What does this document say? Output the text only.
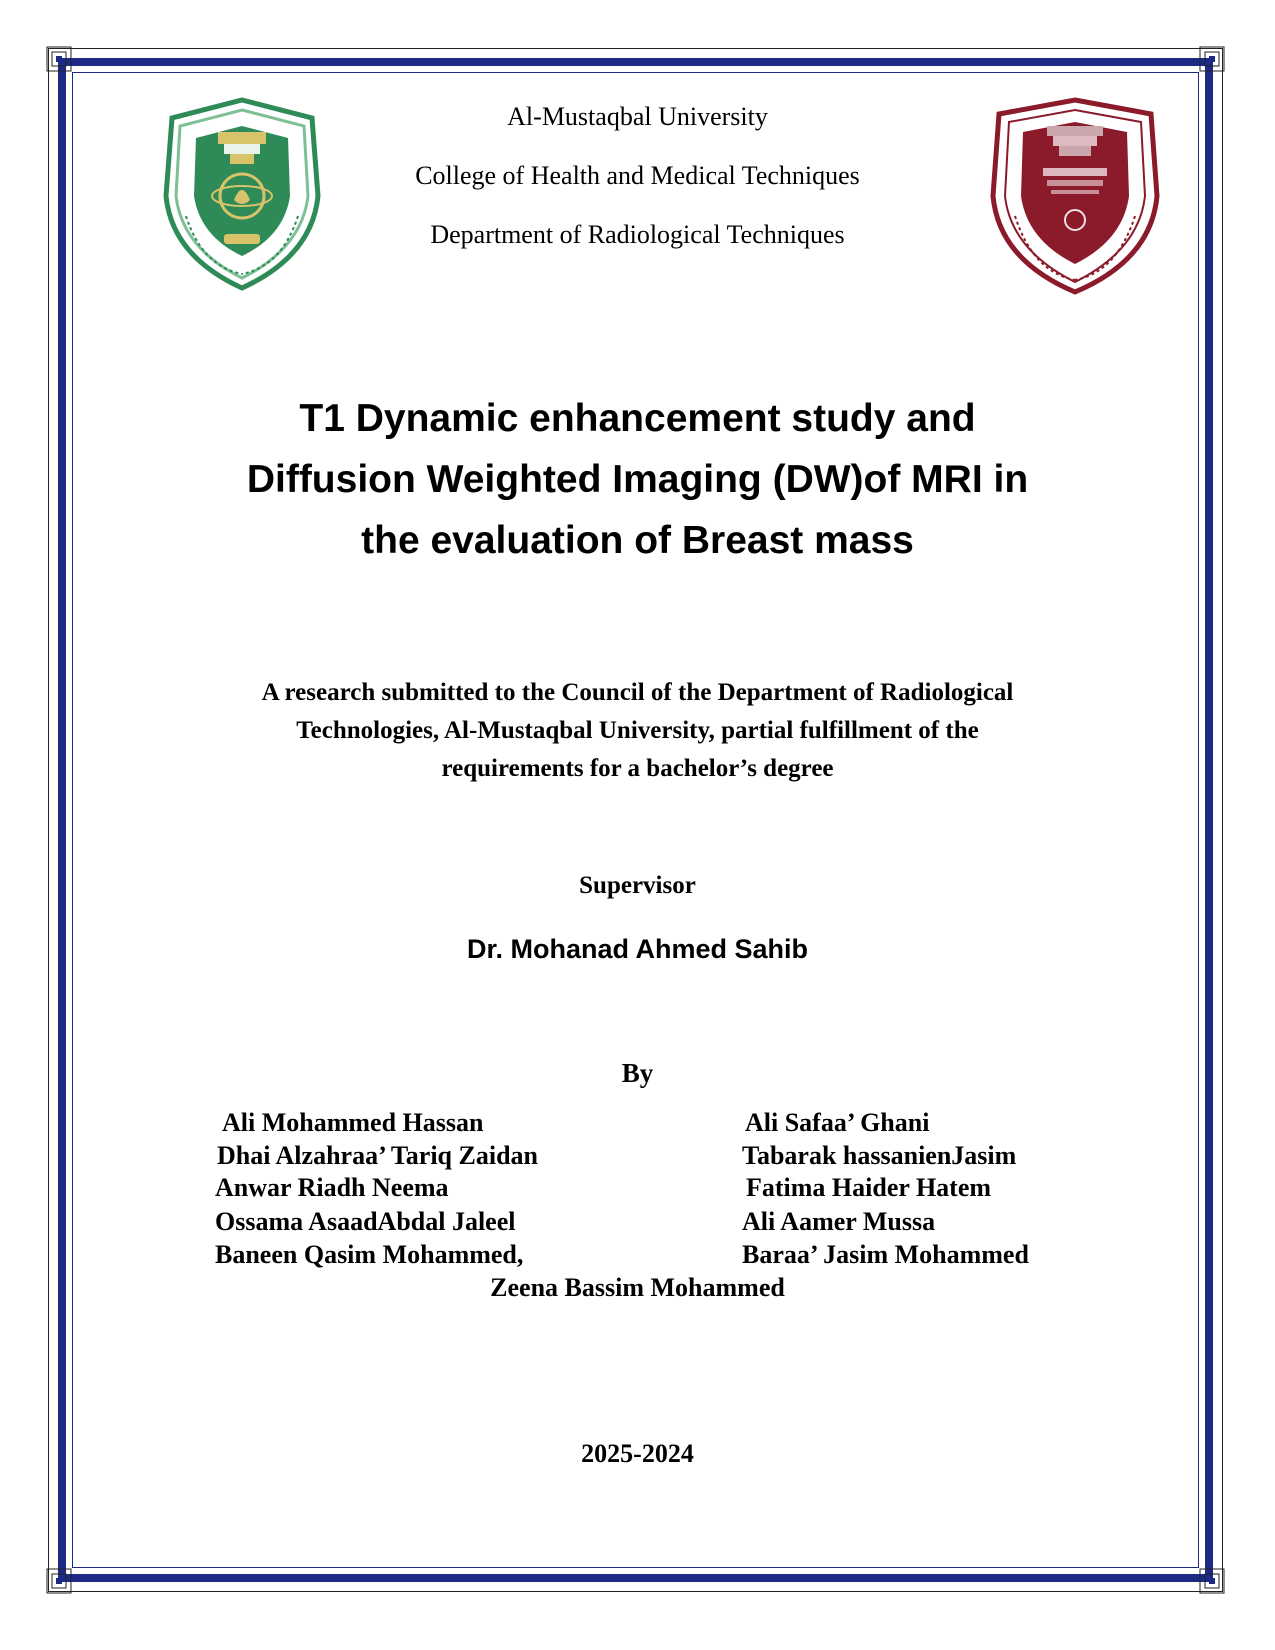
Al-Mustaqbal University
College of Health and Medical Techniques
Department of Radiological Techniques
T1 Dynamic enhancement study and
Diffusion Weighted Imaging (DW)of MRI in
the evaluation of Breast mass
A research submitted to the Council of the Department of Radiological
Technologies, Al-Mustaqbal University, partial fulfillment of the
requirements for a bachelor’s degree
Supervisor
Dr. Mohanad Ahmed Sahib
By
Ali Mohammed Hassan
Dhai Alzahraa’ Tariq Zaidan
Anwar Riadh Neema
Ossama AsaadAbdal Jaleel
Baneen Qasim Mohammed,
Ali Safaa’ Ghani
Tabarak hassanienJasim
Fatima Haider Hatem
Ali Aamer Mussa
Baraa’ Jasim Mohammed
Zeena Bassim Mohammed
2025-2024
